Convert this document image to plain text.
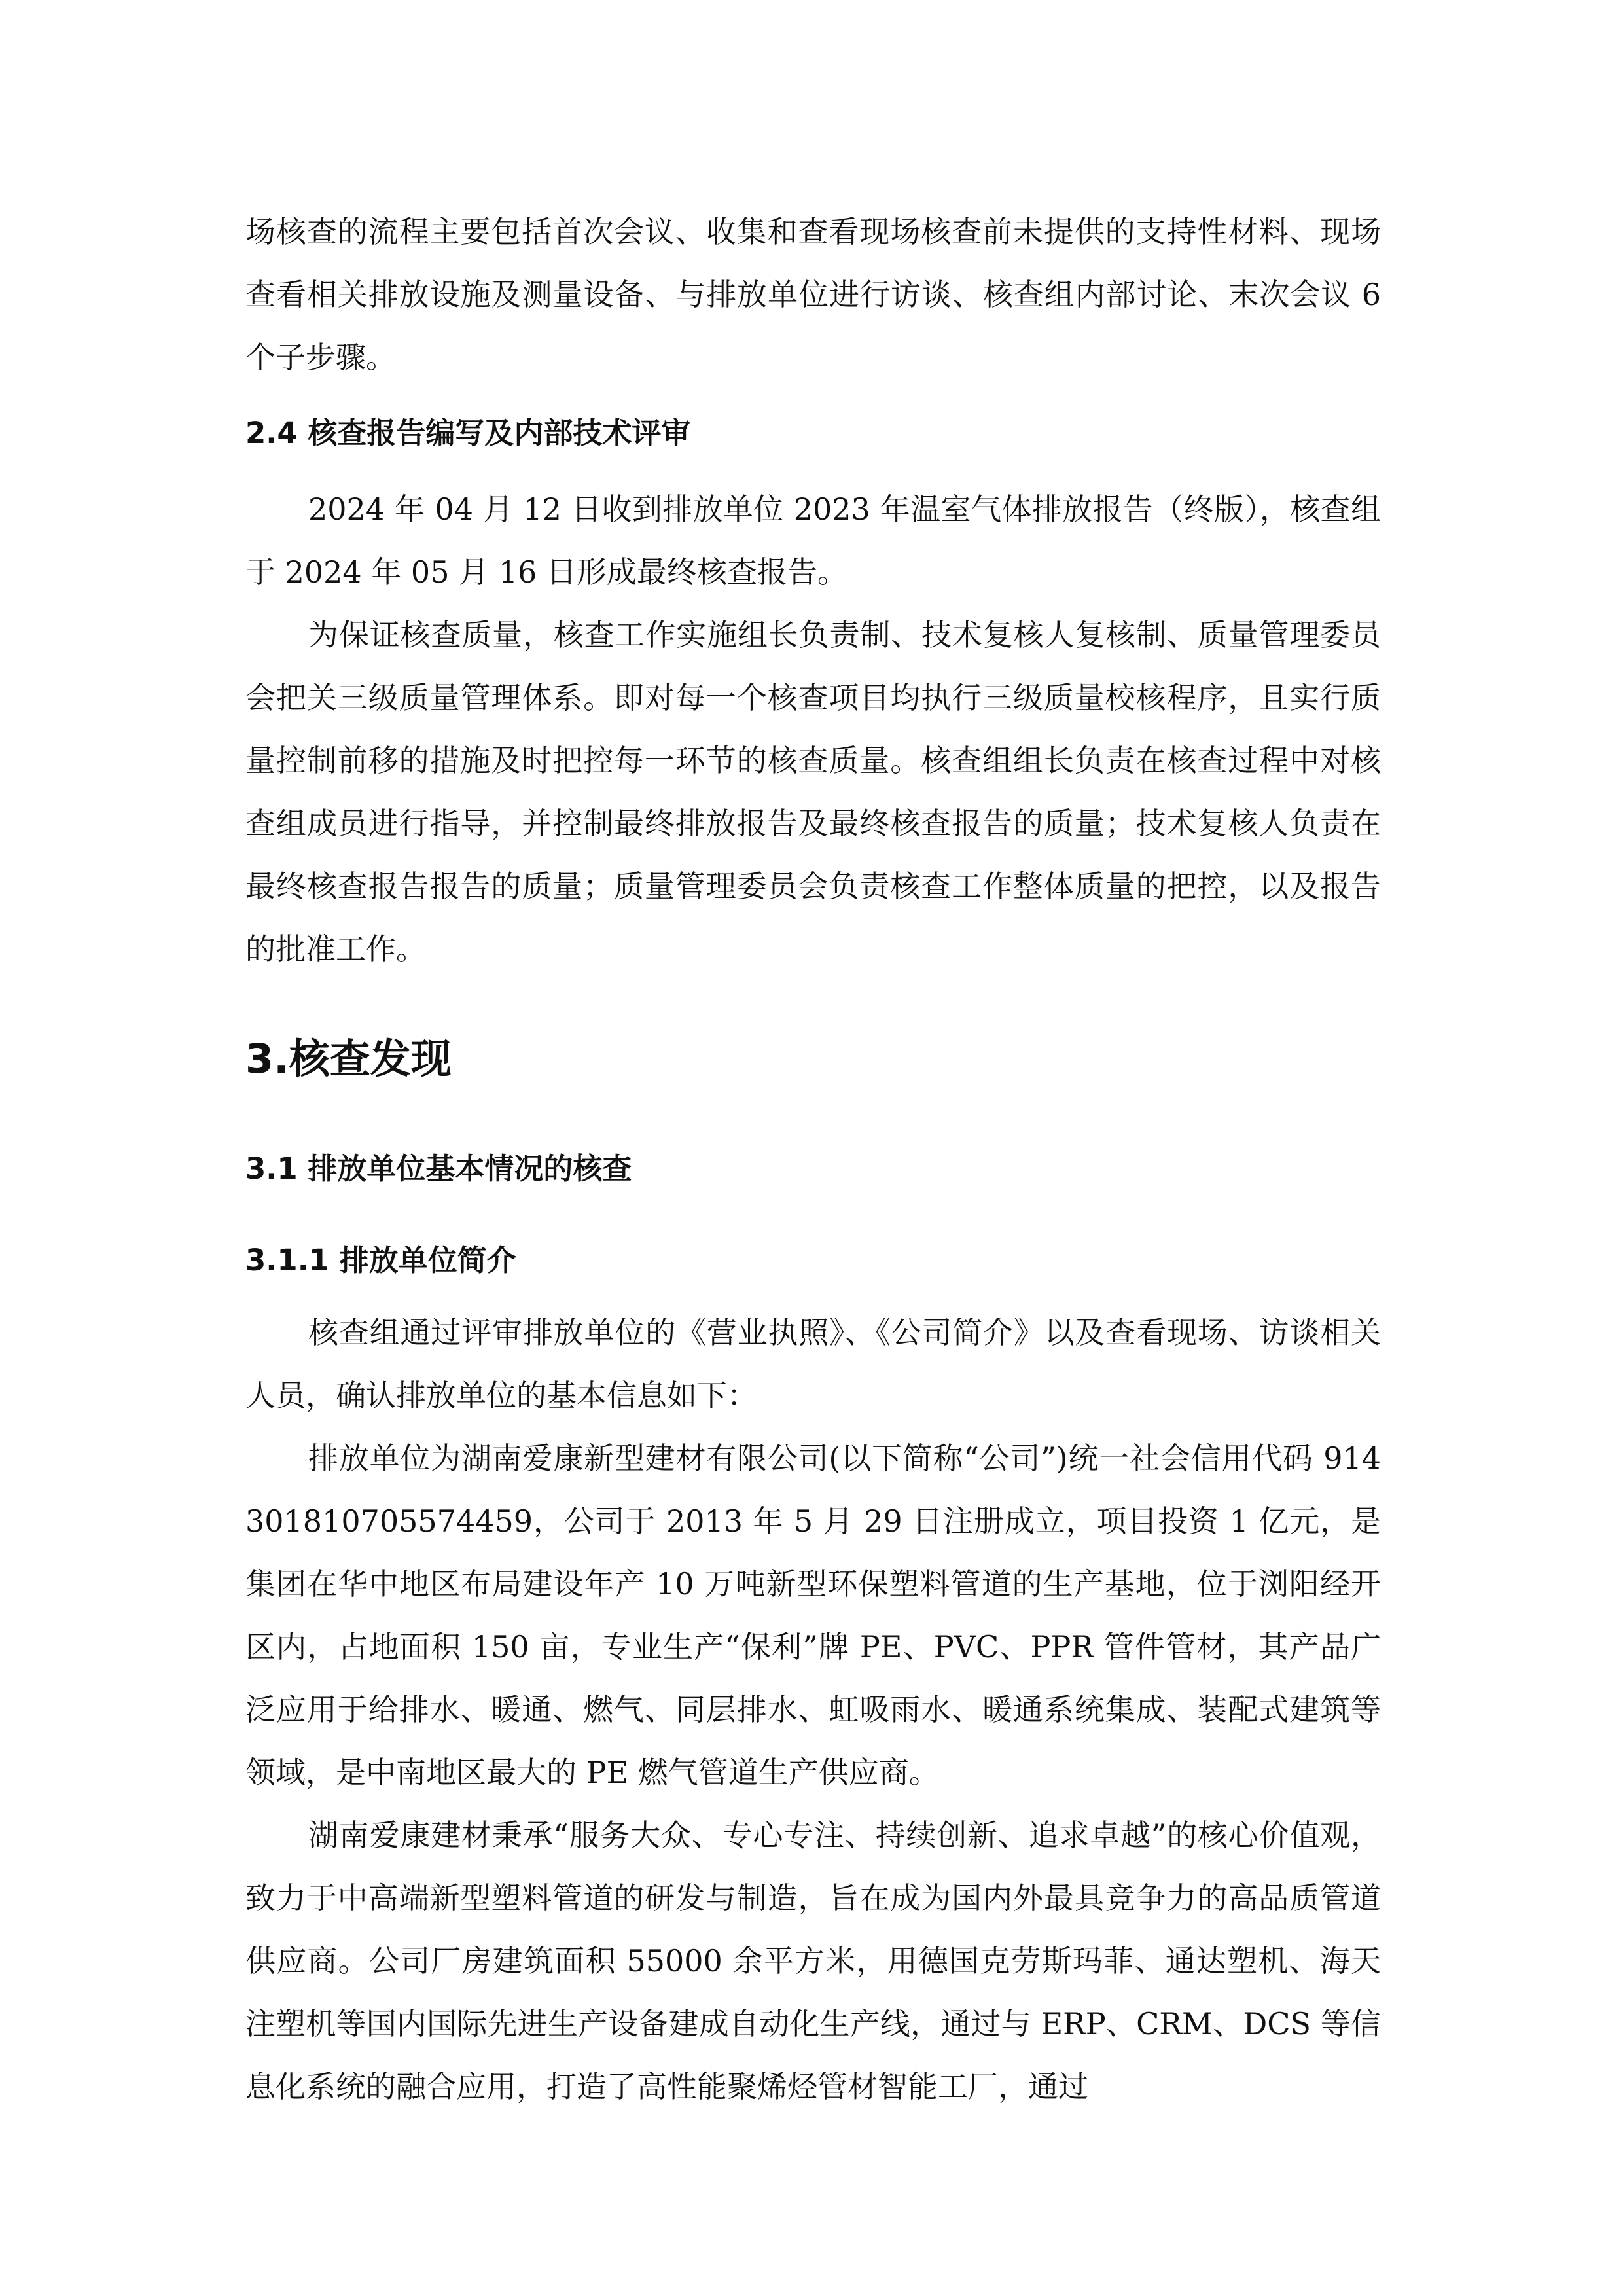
场核查的流程主要包括首次会议、收集和查看现场核查前未提供的支持性材料、现场查看相关排放设施及测量设备、与排放单位进行访谈、核查组内部讨论、末次会议 6 个子步骤。

2.4 核查报告编写及内部技术评审

2024 年 04 月 12 日收到排放单位 2023 年温室气体排放报告（终版），核查组于 2024 年 05 月 16 日形成最终核查报告。

为保证核查质量，核查工作实施组长负责制、技术复核人复核制、质量管理委员会把关三级质量管理体系。即对每一个核查项目均执行三级质量校核程序，且实行质量控制前移的措施及时把控每一环节的核查质量。核查组组长负责在核查过程中对核查组成员进行指导，并控制最终排放报告及最终核查报告的质量；技术复核人负责在最终核查报告报告的质量；质量管理委员会负责核查工作整体质量的把控，以及报告的批准工作。

3.核查发现

3.1 排放单位基本情况的核查

3.1.1 排放单位简介

核查组通过评审排放单位的《营业执照》、《公司简介》以及查看现场、访谈相关人员，确认排放单位的基本信息如下：

排放单位为湖南爱康新型建材有限公司(以下简称“公司”)统一社会信用代码 914301810705574459，公司于 2013 年 5 月 29 日注册成立，项目投资 1 亿元，是集团在华中地区布局建设年产 10 万吨新型环保塑料管道的生产基地，位于浏阳经开区内，占地面积 150 亩，专业生产“保利”牌 PE、PVC、PPR 管件管材，其产品广泛应用于给排水、暖通、燃气、同层排水、虹吸雨水、暖通系统集成、装配式建筑等领域，是中南地区最大的 PE 燃气管道生产供应商。

湖南爱康建材秉承“服务大众、专心专注、持续创新、追求卓越”的核心价值观，致力于中高端新型塑料管道的研发与制造，旨在成为国内外最具竞争力的高品质管道供应商。公司厂房建筑面积 55000 余平方米，用德国克劳斯玛菲、通达塑机、海天注塑机等国内国际先进生产设备建成自动化生产线，通过与 ERP、CRM、DCS 等信息化系统的融合应用，打造了高性能聚烯烃管材智能工厂，通过
